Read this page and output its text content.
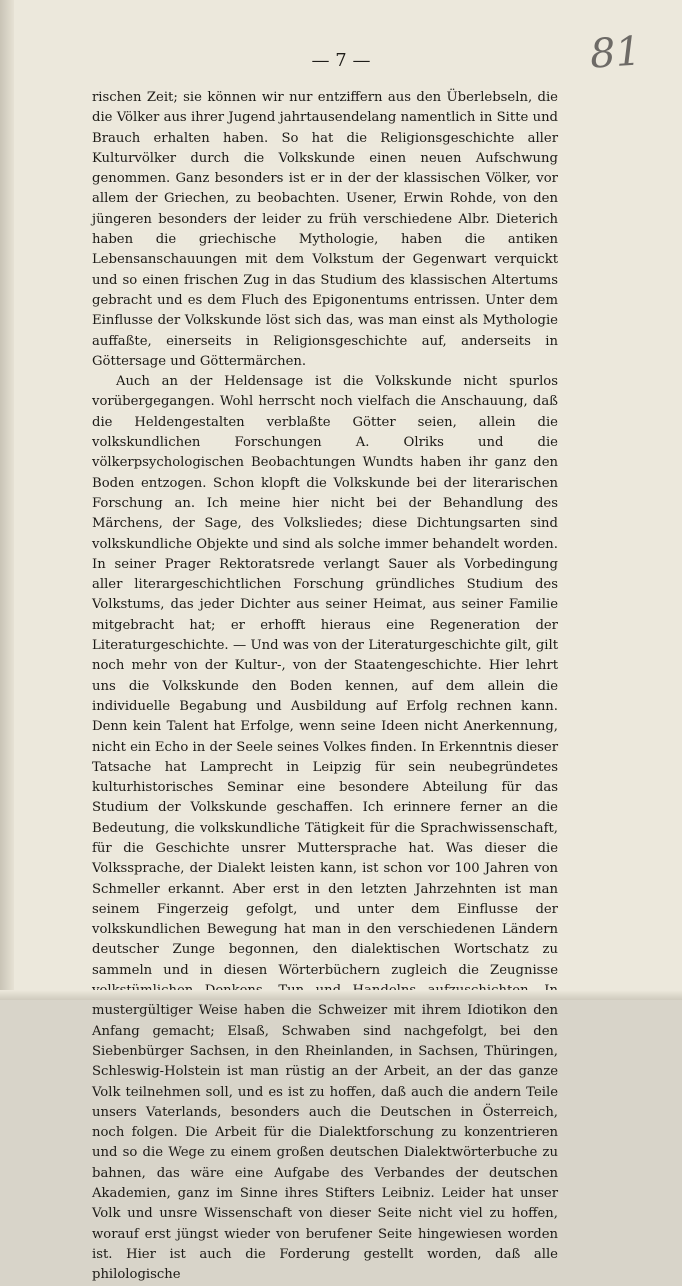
81
— 7 —

rischen Zeit; sie können wir nur entziffern aus den Überlebseln, die die Völker aus ihrer Jugend jahrtausendelang namentlich in Sitte und Brauch erhalten haben. So hat die Religionsgeschichte aller Kulturvölker durch die Volkskunde einen neuen Aufschwung genommen. Ganz besonders ist er in der der klassischen Völker, vor allem der Griechen, zu beobachten. Usener, Erwin Rohde, von den jüngeren besonders der leider zu früh verschiedene Albr. Dieterich haben die griechische Mythologie, haben die antiken Lebensanschauungen mit dem Volkstum der Gegenwart verquickt und so einen frischen Zug in das Studium des klassischen Altertums gebracht und es dem Fluch des Epigonentums entrissen. Unter dem Einflusse der Volkskunde löst sich das, was man einst als Mythologie auffaßte, einerseits in Religionsgeschichte auf, anderseits in Göttersage und Göttermärchen.

Auch an der Heldensage ist die Volkskunde nicht spurlos vorübergegangen. Wohl herrscht noch vielfach die Anschauung, daß die Heldengestalten verblaßte Götter seien, allein die volkskundlichen Forschungen A. Olriks und die völkerpsychologischen Beobachtungen Wundts haben ihr ganz den Boden entzogen. Schon klopft die Volkskunde bei der literarischen Forschung an. Ich meine hier nicht bei der Behandlung des Märchens, der Sage, des Volksliedes; diese Dichtungsarten sind volkskundliche Objekte und sind als solche immer behandelt worden. In seiner Prager Rektoratsrede verlangt Sauer als Vorbedingung aller literargeschichtlichen Forschung gründliches Studium des Volkstums, das jeder Dichter aus seiner Heimat, aus seiner Familie mitgebracht hat; er erhofft hieraus eine Regeneration der Literaturgeschichte. — Und was von der Literaturgeschichte gilt, gilt noch mehr von der Kultur-, von der Staatengeschichte. Hier lehrt uns die Volkskunde den Boden kennen, auf dem allein die individuelle Begabung und Ausbildung auf Erfolg rechnen kann. Denn kein Talent hat Erfolge, wenn seine Ideen nicht Anerkennung, nicht ein Echo in der Seele seines Volkes finden. In Erkenntnis dieser Tatsache hat Lamprecht in Leipzig für sein neubegründetes kulturhistorisches Seminar eine besondere Abteilung für das Studium der Volkskunde geschaffen. Ich erinnere ferner an die Bedeutung, die volkskundliche Tätigkeit für die Sprachwissenschaft, für die Geschichte unsrer Muttersprache hat. Was dieser die Volkssprache, der Dialekt leisten kann, ist schon vor 100 Jahren von Schmeller erkannt. Aber erst in den letzten Jahrzehnten ist man seinem Fingerzeig gefolgt, und unter dem Einflusse der volkskundlichen Bewegung hat man in den verschiedenen Ländern deutscher Zunge begonnen, den dialektischen Wortschatz zu sammeln und in diesen Wörterbüchern zugleich die Zeugnisse mustergültiger Weise haben die Schweizer mit ihrem Idiotikon den Anfang gemacht; Elsaß, Schwaben sind nachgefolgt, bei den Siebenbürger Sachsen, in den Rheinlanden, in Sachsen, Thüringen, Schleswig-Holstein ist man rüstig an der Arbeit, an der das ganze Volk teilnehmen soll, und es ist zu hoffen, daß auch die andern Teile unsers Vaterlands, besonders auch die Deutschen in Österreich, noch folgen. Die Arbeit für die Dialektforschung zu konzentrieren und so die Wege zu einem großen deutschen Dialektwörterbuche zu bahnen, das wäre eine Aufgabe des Verbandes der deutschen Akademien, ganz im Sinne ihres Stifters Leibniz. Leider hat unser Volk und unsre Wissenschaft von dieser Seite nicht viel zu hoffen, worauf erst jüngst wieder von berufener Seite hingewiesen worden ist. Hier ist auch die Forderung gestellt worden, daß alle philologische
